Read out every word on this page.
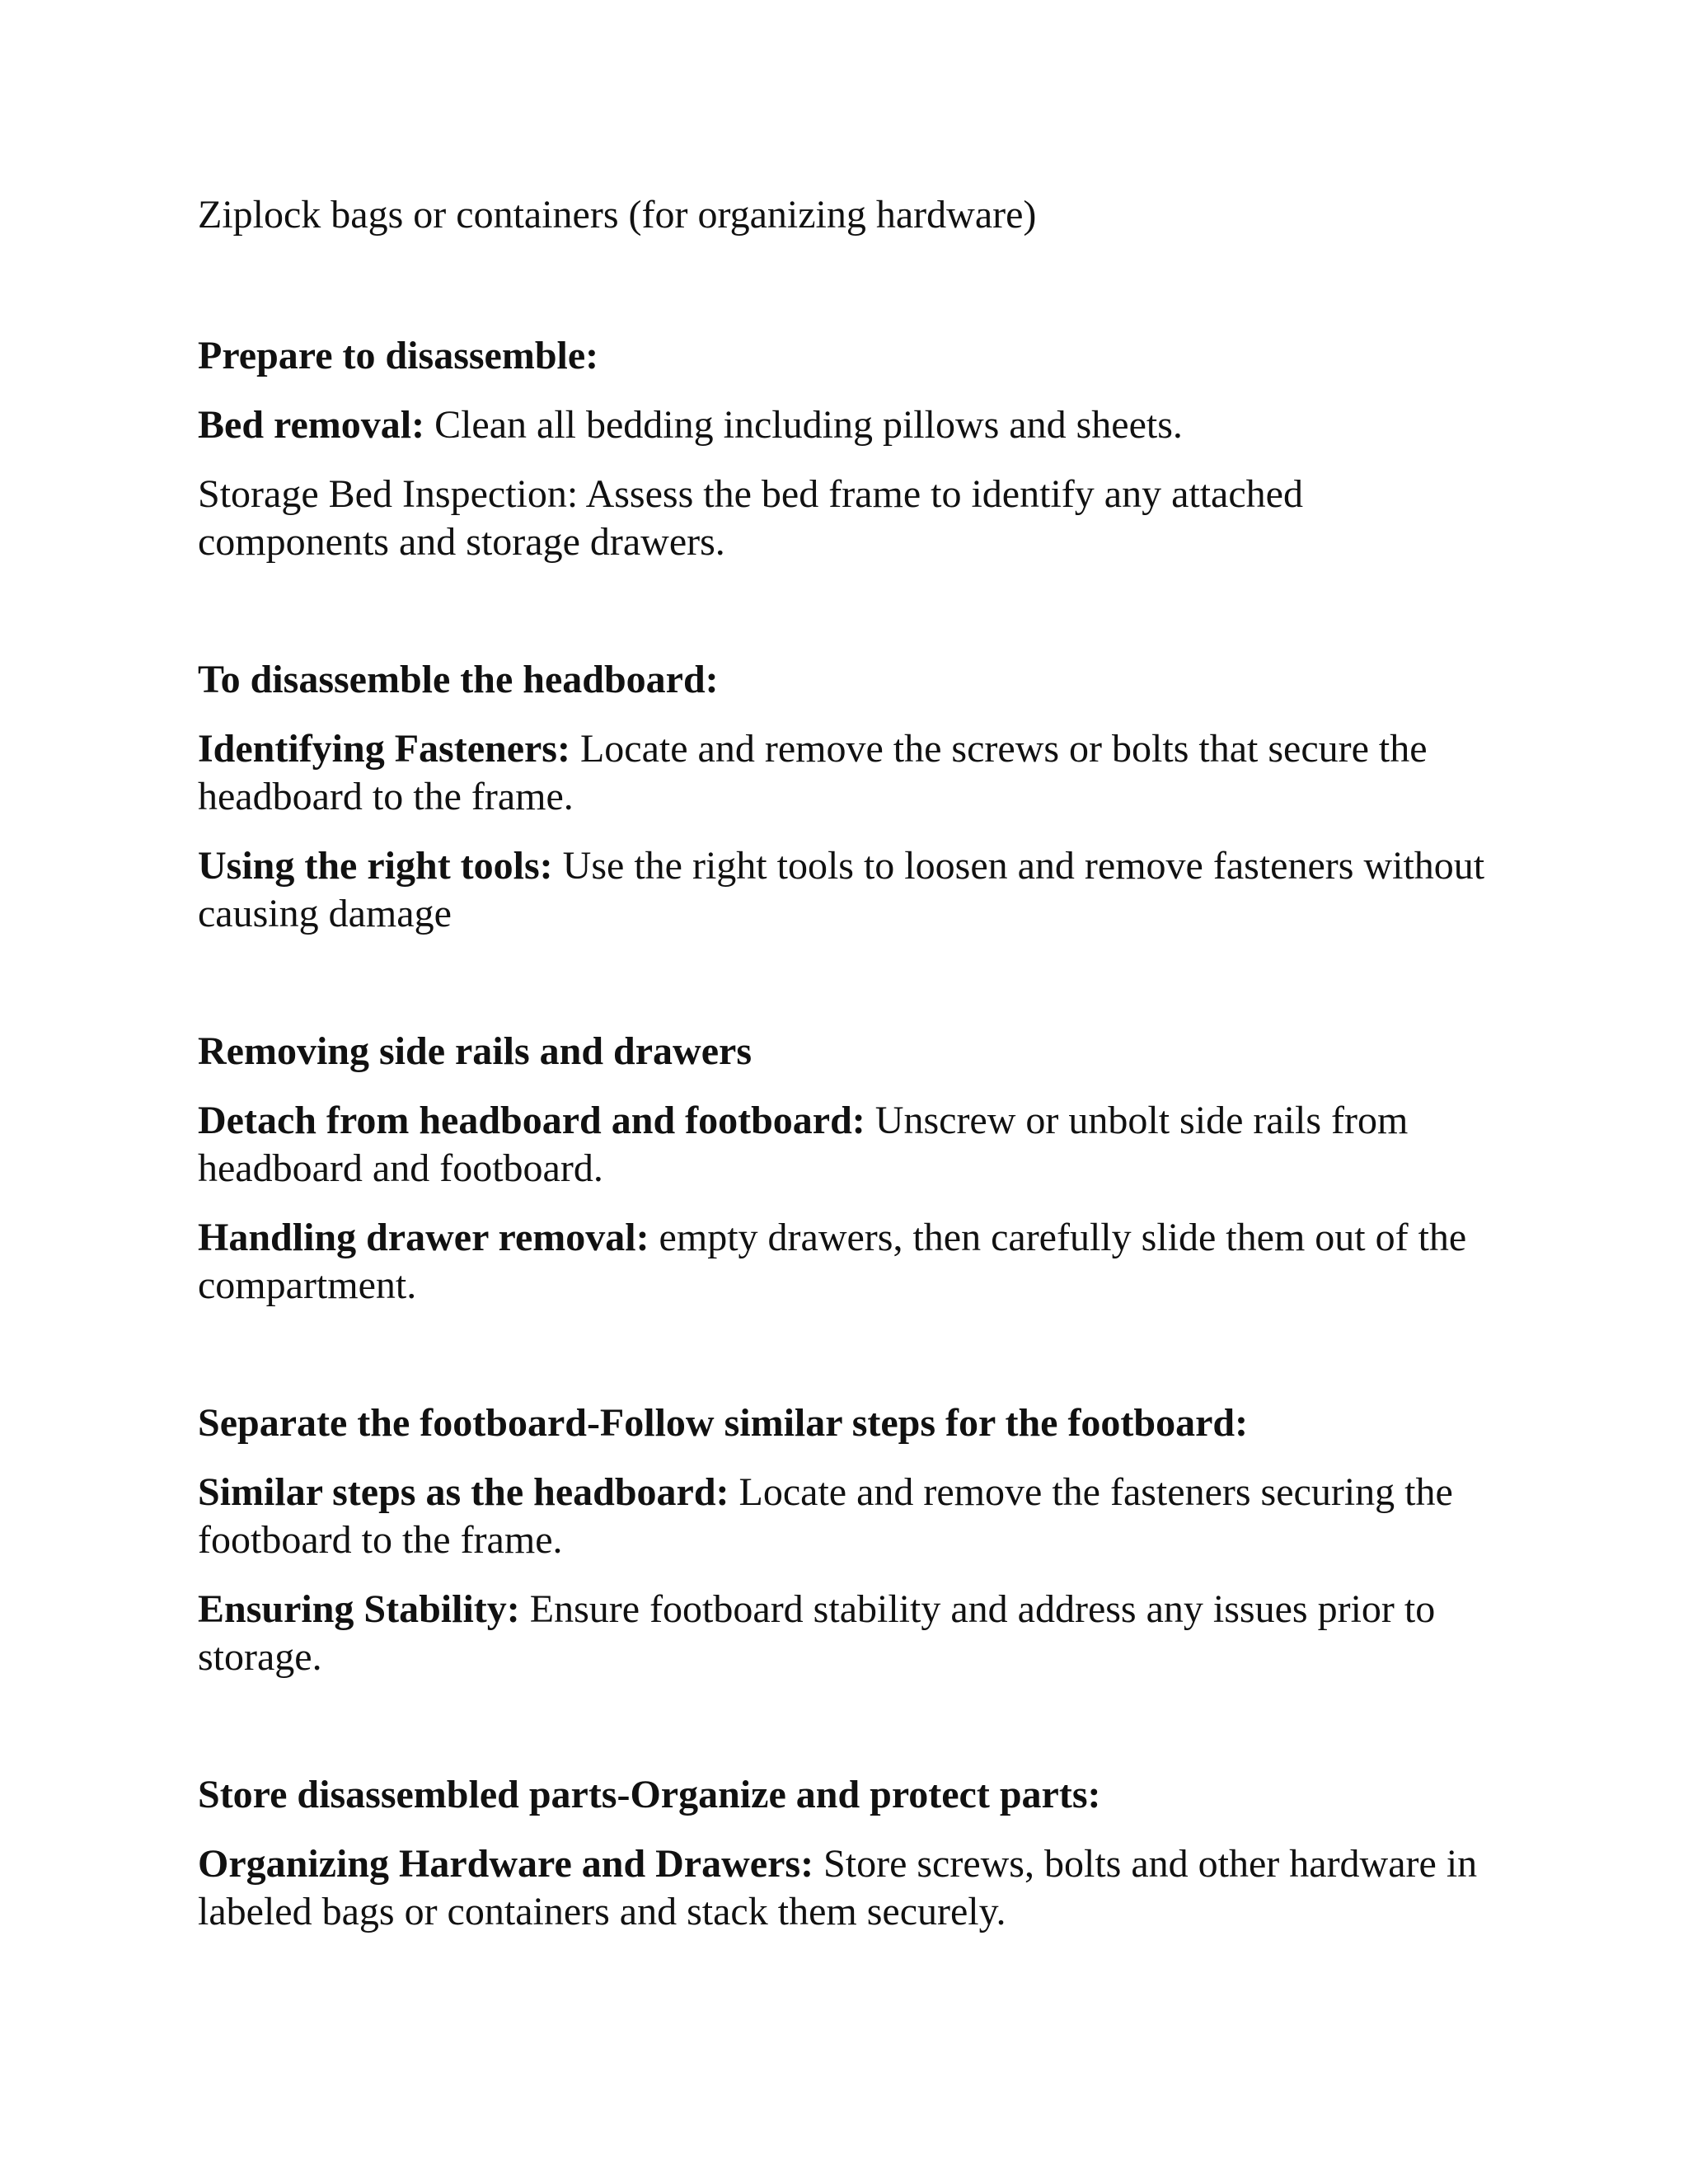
Ziplock bags or containers (for organizing hardware)

Prepare to disassemble:

Bed removal: Clean all bedding including pillows and sheets.

Storage Bed Inspection: Assess the bed frame to identify any attached components and storage drawers.

To disassemble the headboard:

Identifying Fasteners: Locate and remove the screws or bolts that secure the headboard to the frame.

Using the right tools: Use the right tools to loosen and remove fasteners without causing damage

Removing side rails and drawers

Detach from headboard and footboard: Unscrew or unbolt side rails from headboard and footboard.

Handling drawer removal: empty drawers, then carefully slide them out of the compartment.

Separate the footboard-Follow similar steps for the footboard:

Similar steps as the headboard: Locate and remove the fasteners securing the footboard to the frame.

Ensuring Stability: Ensure footboard stability and address any issues prior to storage.

Store disassembled parts-Organize and protect parts:

Organizing Hardware and Drawers: Store screws, bolts and other hardware in labeled bags or containers and stack them securely.
